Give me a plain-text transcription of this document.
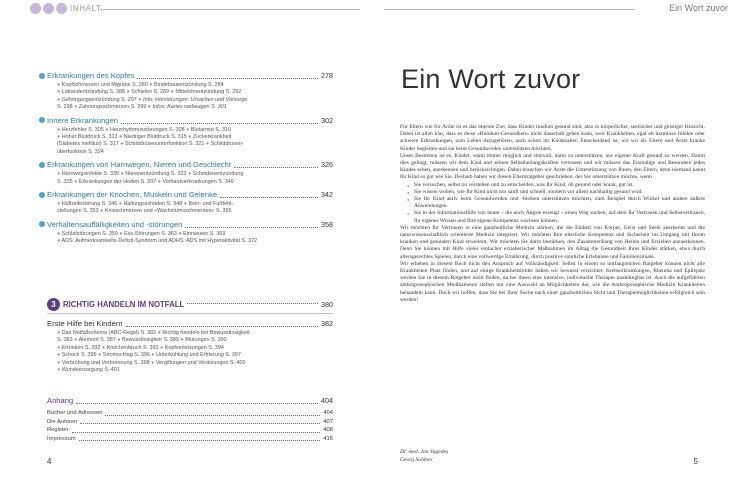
INHALT	Ein Wort zuvor
Erkrankungen des Kopfes	278
● Kopfschmerzen und Migräne S. 280 ● Bindehautentzündung S. 284
● Lidrandentzündung S. 288 ● Schielen S. 289 ● Mittelohrentzündung S. 292
● Gehörgangsentzündung S. 297 ● Info: Hörstörungen: Ursachen und Vorsorge
S. 298 ● Zahnungsschmerzen S. 299 ● Infos: Karies vorbeugen S. 301
Innere Erkrankungen	302
● Herzfehler S. 305 ● Herzrhythmusstörungen S. 308 ● Blutarmut S. 310
● Hoher Blutdruck S. 313 ● Niedriger Blutdruck S. 315 ● Zuckerkrankheit
(Diabetes mellitus) S. 317 ● Schilddrüsenunterfunktion S. 321 ● Schilddrüsen-
überfunktion S. 324
Erkrankungen von Harnwegen, Nieren und Geschlecht	326
● Harnwegsinfekte S. 330 ● Nierenentzündung S. 333 ● Scheidenentzündung
S. 335 ● Erkrankungen der Hoden S. 337 ● Vorhautverkrankungen S. 340
Erkrankungen der Knochen, Muskeln und Gelenke	342
● Hüftreifestörung S. 346 ● Haltungsschäden S. 348 ● Bein- und Fußfehl-
stellungen S. 353 ● Knieschmerzen und »Wachstumsschmerzen« S. 355
Verhaltensauffälligkeiten und -störungen	358
● Schlafstörungen S. 359 ● Ess-Störungen S. 363 ● Einnässen S. 369
● ADS: Aufmerksamkeits-Defizit-Syndrom und ADHS: ADS mit Hyperaktivität S. 372
3 RICHTIG HANDELN IM NOTFALL	380
Erste Hilfe bei Kindern	382
● Das Notfallschema (ABC-Regel) S. 382 ● Richtig handeln bei Bewusstlosigkeit
S. 383 ● Atemnot S. 387 ● Bewusstlosigkeit S. 389 ● Blutungen S. 390
● Ertrinken S. 392 ● Knochenbruch S. 393 ● Kopfverletzungen S. 394
● Schock S. 395 ● Stromschlag S. 396 ● Unterkühlung und Erfrierung S. 397
● Verbrühung und Verbrennung S. 398 ● Vergiftungen und Verätzungen S. 400
● Wundversorgung S. 401
Anhang	404
Bücher und Adressen	404
Die Autoren	407
Register	408
Impressum	416
4	5
Ein Wort zuvor

Für Eltern wie für Ärzte ist es das oberste Ziel, dass Kinder rundum gesund sind, also in körperlicher, seelischer und geistiger Hinsicht. Dabei ist allen klar, dass es diese »Rundum-Gesundheit« nicht dauerhaft geben kann, weil Krankheiten, egal ob harmlose Infekte oder schwere Erkrankungen, zum Leben dazugehören, auch schon im Kindesalter. Entscheidend ist, wir wir als Eltern und Ärzte kranke Kinder begleiten und sie beim Gesundwerden unterstützen möchten.

Unser Bestreben ist es, Kinder, wann immer möglich und sinnvoll, darin zu unterstützen, aus eigener Kraft gesund zu werden. Damit dies gelingt, müssen wir dem Kind und seinen Selbstheilungskräften vertrauen und wir müssen das Einmalige und Besondere jedes Kindes sehen, anerkennen und berücksichtigen. Dabei brauchen wir Ärzte die Unterstützung von Ihnen, den Eltern, denn niemand kennt Ihr Kind so gut wie Sie. Deshalb haben wir diesen Elternratgeber geschrieben, der Sie unterstützen möchte, wenn

● Sie versuchen, selbst zu verstehen und zu entscheiden, was Ihr Kind, ob gesund oder krank, gut ist.
● Sie wissen wollen, wie Ihr Kind nicht nur sanft und schnell, sondern vor allem nachhaltig gesund wird.
● Sie Ihr Kind aktiv beim Gesundwerden und -bleiben unterstützen möchten, zum Beispiel durch Wickel und andere äußere Anwendungen.
● Sie in der Informationsfülle von heute – die auch Ängste erzeugt – einen Weg suchen, auf dem Ihr Vertrauen und Selbstvertrauen, Ihr eigenes Wissen und Ihre eigene Kompetenz wachsen können.

Wir möchten Ihr Vertrauen in eine ganzheitliche Medizin stärken, die die Einheit von Körper, Geist und Seele anerkennt und die naturwissenschaftlich orientierte Medizin integriert. Wir möchten Ihre elterliche Kompetenz und Sicherheit im Umgang mit Ihrem kranken und gesunden Kind erweitern. Wir möchten Sie darin bestärken, den Zusammenhang von Heilen und Erziehen anzuerkennen. Denn Sie können mit Hilfe vieler einfacher erzieherischer Maßnahmen im Alltag die Gesundheit Ihres Kindes stärken, etwa durch altersgerechtes Spielen, durch eine vollwertige Ernährung, durch positive sinnliche Erlebnisse und Familienrituale.

Wir erheben in diesem Buch nicht den Anspruch auf Vollständigkeit. Selbst in einem so umfangreichen Ratgeber können nicht alle Krankheiten Platz finden, und auf einige Krankheitsbilder haben wir bewusst verzichtet: Krebserkrankungen, Rheuma und Epilepsie werden Sie in diesem Ratgeber nicht finden, da bei ihnen eine intensive, individuelle Therapie unabdingbar ist. Auch die aufgeführten anthroposophischen Medikamente stellen nur eine Auswahl an Möglichkeiten dar, wie die Anthroposophische Medizin Krankheiten behandeln kann. Doch wir hoffen, dass Sie bei Ihrer Suche nach einer ganzheitlichen Sicht und Therapiemöglichkeiten erfolgreich sein werden!

Dr. med. Jan Vagedes
Georg Soldner
